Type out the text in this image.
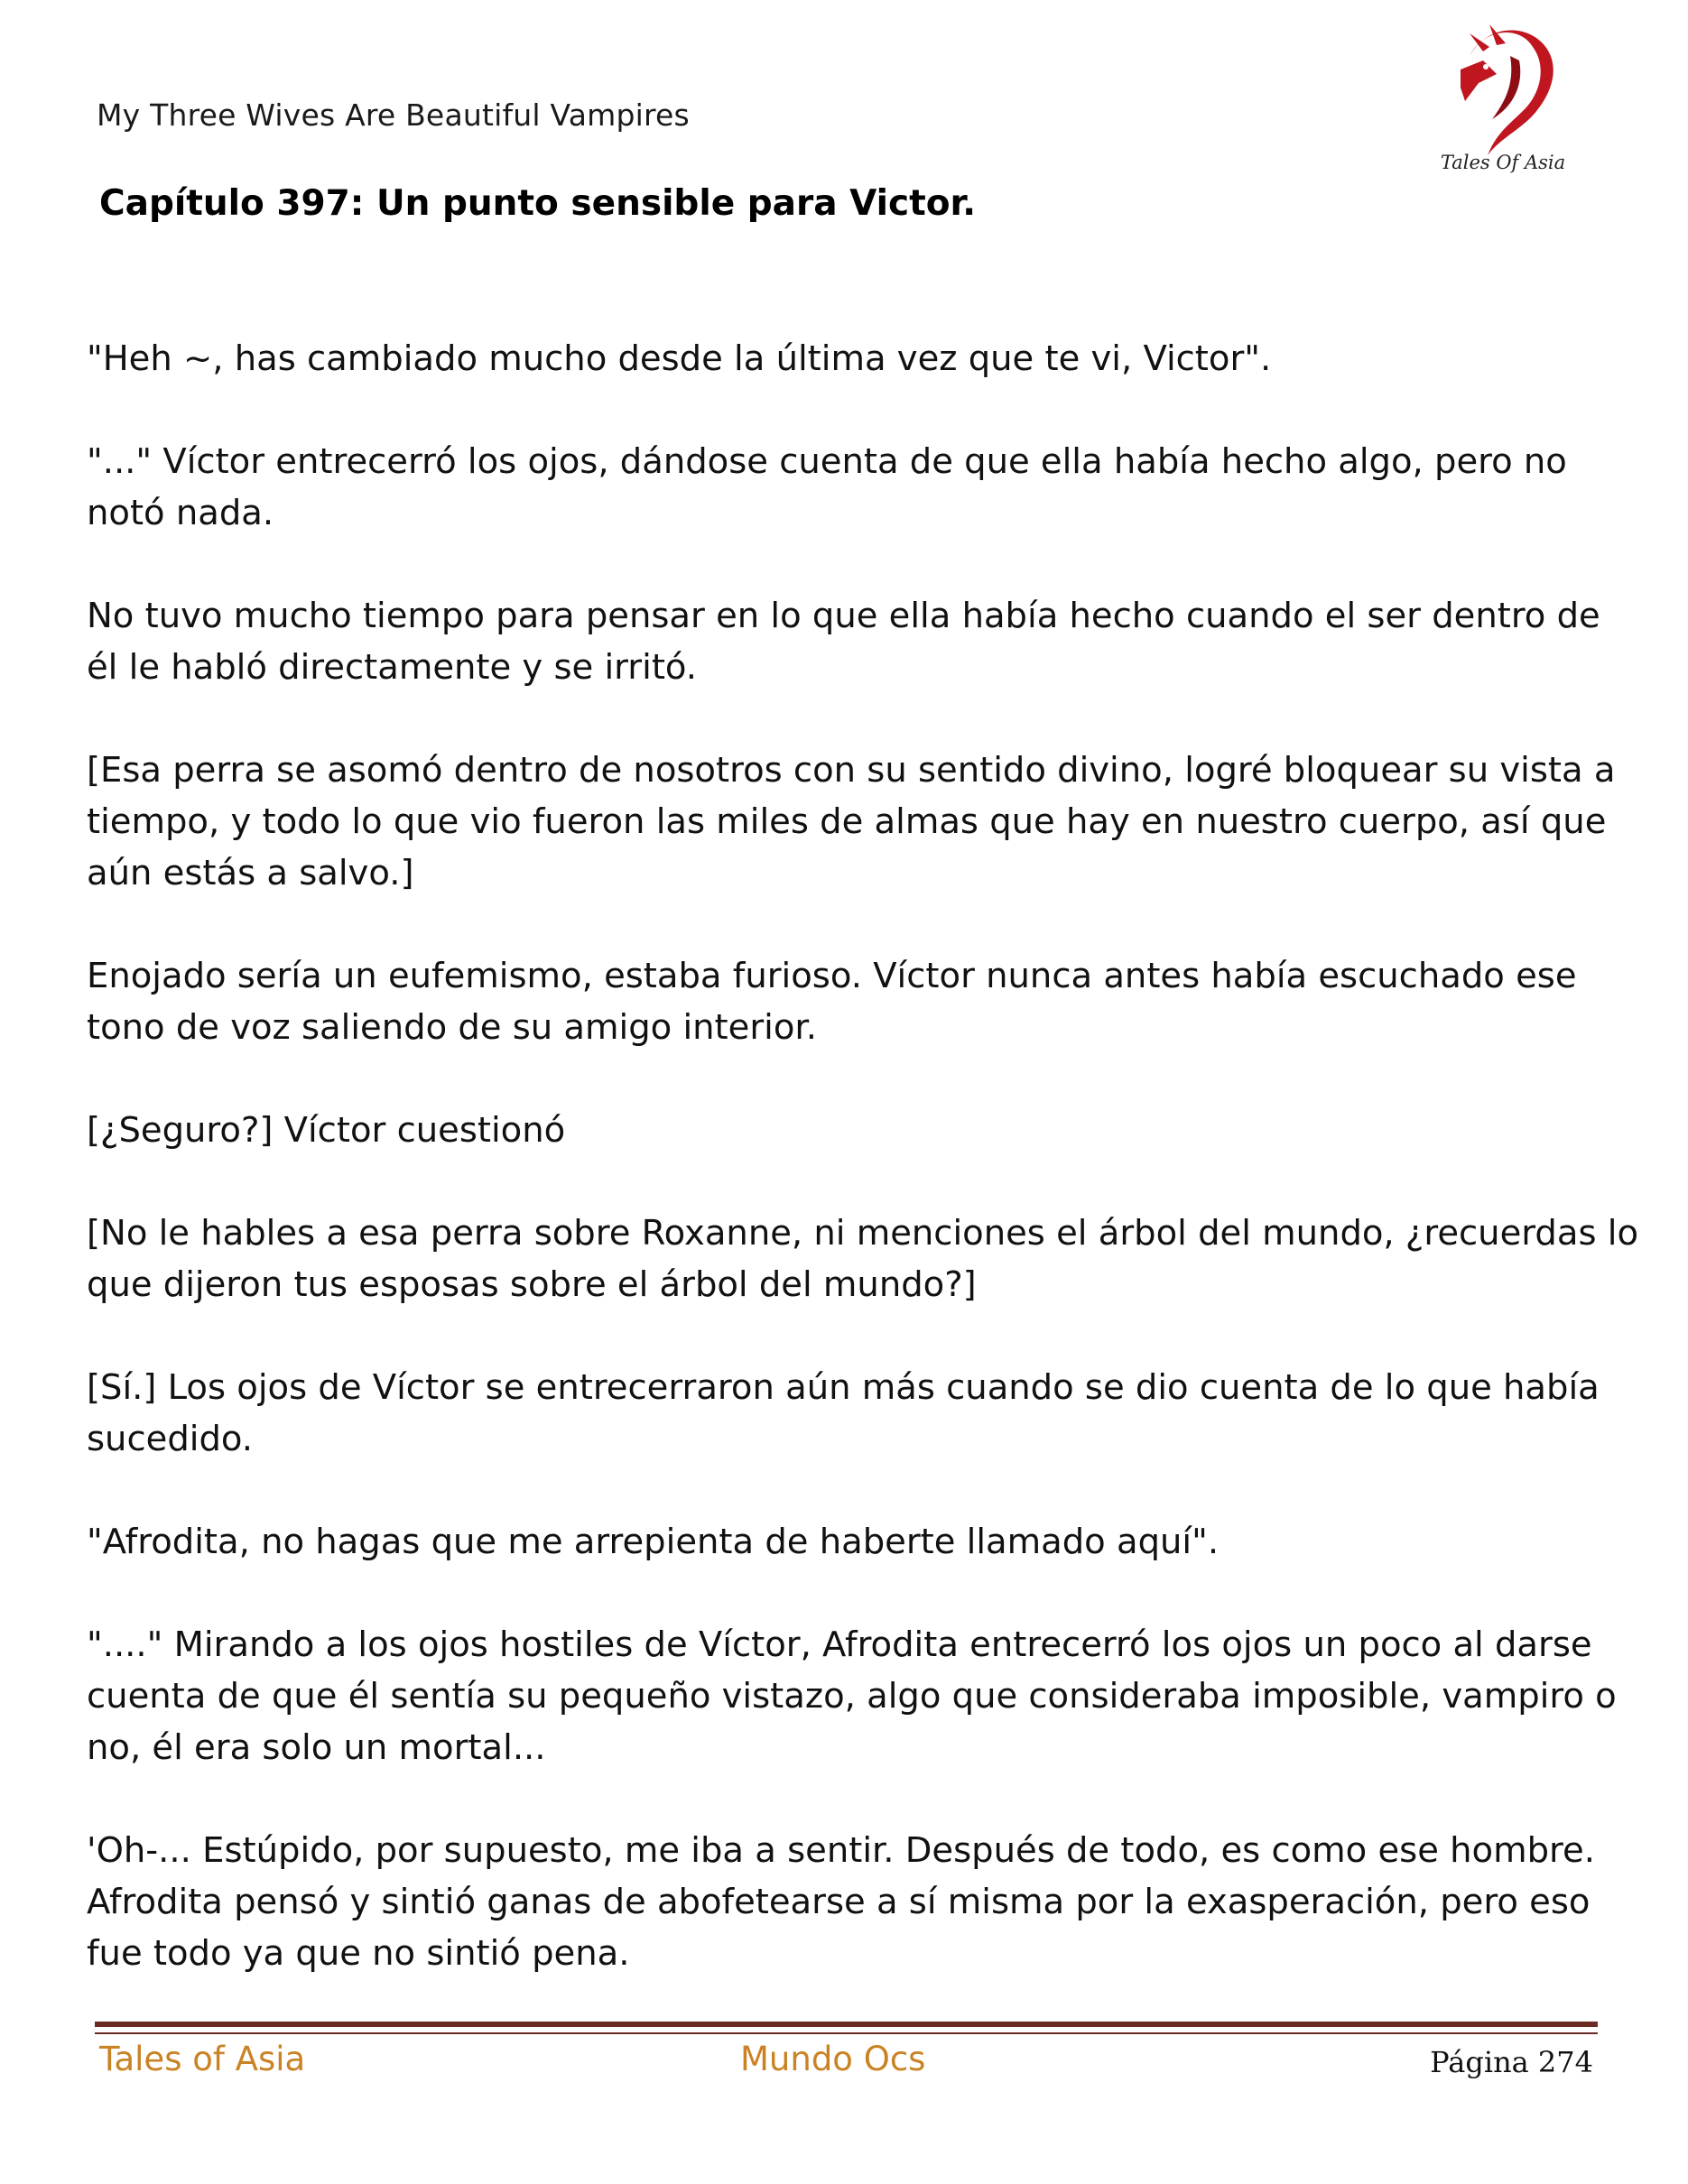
My Three Wives Are Beautiful Vampires
Tales Of Asia
Capítulo 397: Un punto sensible para Victor.

"Heh ~, has cambiado mucho desde la última vez que te vi, Victor".

"..." Víctor entrecerró los ojos, dándose cuenta de que ella había hecho algo, pero no notó nada.

No tuvo mucho tiempo para pensar en lo que ella había hecho cuando el ser dentro de él le habló directamente y se irritó.

[Esa perra se asomó dentro de nosotros con su sentido divino, logré bloquear su vista a tiempo, y todo lo que vio fueron las miles de almas que hay en nuestro cuerpo, así que aún estás a salvo.]

Enojado sería un eufemismo, estaba furioso. Víctor nunca antes había escuchado ese tono de voz saliendo de su amigo interior.

[¿Seguro?] Víctor cuestionó

[No le hables a esa perra sobre Roxanne, ni menciones el árbol del mundo, ¿recuerdas lo que dijeron tus esposas sobre el árbol del mundo?]

[Sí.] Los ojos de Víctor se entrecerraron aún más cuando se dio cuenta de lo que había sucedido.

"Afrodita, no hagas que me arrepienta de haberte llamado aquí".

"...." Mirando a los ojos hostiles de Víctor, Afrodita entrecerró los ojos un poco al darse cuenta de que él sentía su pequeño vistazo, algo que consideraba imposible, vampiro o no, él era solo un mortal...

'Oh-... Estúpido, por supuesto, me iba a sentir. Después de todo, es como ese hombre. Afrodita pensó y sintió ganas de abofetearse a sí misma por la exasperación, pero eso fue todo ya que no sintió pena.

Tales of Asia	Mundo Ocs	Página 274
